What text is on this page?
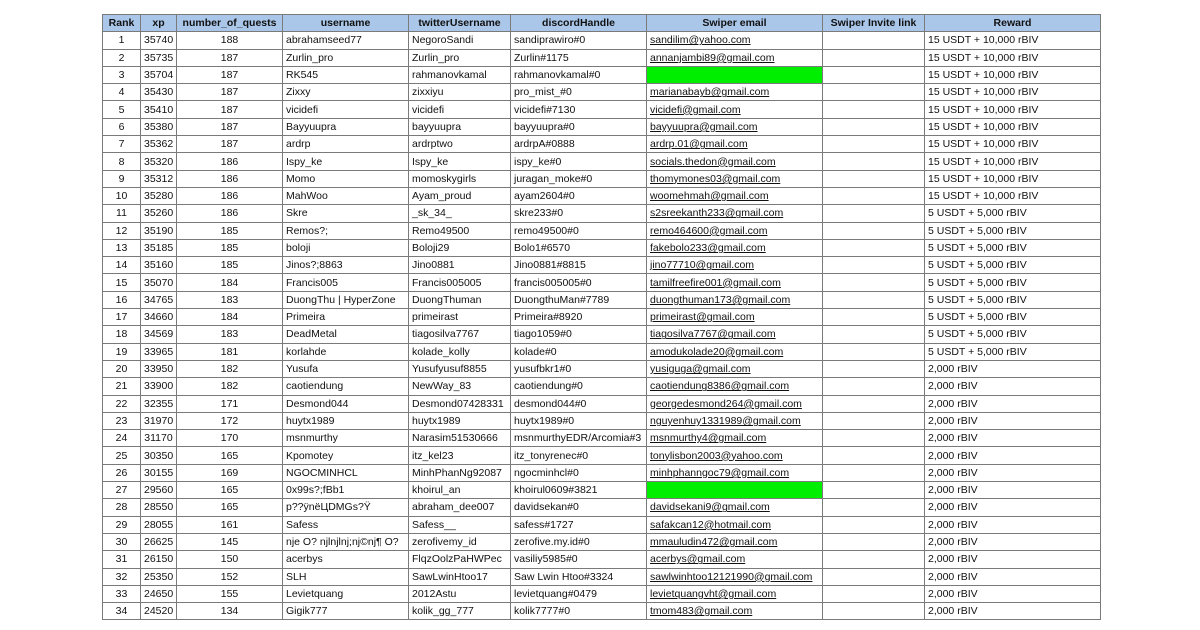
Rank	xp	number_of_quests	username	twitterUsername	discordHandle	Swiper email	Swiper Invite link	Reward
1	35740	188	abrahamseed77	NegoroSandi	sandiprawiro#0	sandilim@yahoo.com		15 USDT + 10,000 rBIV
2	35735	187	Zurlin_pro	Zurlin_pro	Zurlin#1175	annanjambi89@gmail.com		15 USDT + 10,000 rBIV
3	35704	187	RK545	rahmanovkamal	rahmanovkamal#0			15 USDT + 10,000 rBIV
4	35430	187	Zixxy	zixxiyu	pro_mist_#0	marianabayb@gmail.com		15 USDT + 10,000 rBIV
5	35410	187	vicidefi	vicidefi	vicidefi#7130	vicidefi@gmail.com		15 USDT + 10,000 rBIV
6	35380	187	Bayyuupra	bayyuupra	bayyuupra#0	bayyuupra@gmail.com		15 USDT + 10,000 rBIV
7	35362	187	ardrp	ardrptwo	ardrpA#0888	ardrp.01@gmail.com		15 USDT + 10,000 rBIV
8	35320	186	Ispy_ke	Ispy_ke	ispy_ke#0	socials.thedon@gmail.com		15 USDT + 10,000 rBIV
9	35312	186	Momo	momoskygirls	juragan_moke#0	thomymones03@gmail.com		15 USDT + 10,000 rBIV
10	35280	186	MahWoo	Ayam_proud	ayam2604#0	woomehmah@gmail.com		15 USDT + 10,000 rBIV
11	35260	186	Skre	_sk_34_	skre233#0	s2sreekanth233@gmail.com		5 USDT + 5,000 rBIV
12	35190	185	Remos?;	Remo49500	remo49500#0	remo464600@gmail.com		5 USDT + 5,000 rBIV
13	35185	185	boloji	Boloji29	Bolo1#6570	fakebolo233@gmail.com		5 USDT + 5,000 rBIV
14	35160	185	Jinos?;8863	Jino0881	Jino0881#8815	jino77710@gmail.com		5 USDT + 5,000 rBIV
15	35070	184	Francis005	Francis005005	francis005005#0	tamilfreefire001@gmail.com		5 USDT + 5,000 rBIV
16	34765	183	DuongThu | HyperZone	DuongThuman	DuongthuMan#7789	duongthuman173@gmail.com		5 USDT + 5,000 rBIV
17	34660	184	Primeira	primeirast	Primeira#8920	primeirast@gmail.com		5 USDT + 5,000 rBIV
18	34569	183	DeadMetal	tiagosilva7767	tiago1059#0	tiagosilva7767@gmail.com		5 USDT + 5,000 rBIV
19	33965	181	korlahde	kolade_kolly	kolade#0	amodukolade20@gmail.com		5 USDT + 5,000 rBIV
20	33950	182	Yusufa	Yusufyusuf8855	yusufbkr1#0	yusiguga@gmail.com		2,000 rBIV
21	33900	182	caotiendung	NewWay_83	caotiendung#0	caotiendung8386@gmail.com		2,000 rBIV
22	32355	171	Desmond044	Desmond07428331	desmond044#0	georgedesmond264@gmail.com		2,000 rBIV
23	31970	172	huytx1989	huytx1989	huytx1989#0	nguyenhuy1331989@gmail.com		2,000 rBIV
24	31170	170	msnmurthy	Narasim51530666	msnmurthyEDR/Arcomia#3	msnmurthy4@gmail.com		2,000 rBIV
25	30350	165	Kpomotey	itz_kel23	itz_tonyrenec#0	tonylisbon2003@yahoo.com		2,000 rBIV
26	30155	169	NGOCMINHCL	MinhPhanNg92087	ngocminhcl#0	minhphanngoc79@gmail.com		2,000 rBIV
27	29560	165	0x99s?;fBb1	khoirul_an	khoirul0609#3821			2,000 rBIV
28	28550	165	p??ÿnëЦDMGs?Ÿ	abraham_dee007	davidsekan#0	davidsekani9@gmail.com		2,000 rBIV
29	28055	161	Safess	Safess__	safess#1727	safakcan12@hotmail.com		2,000 rBIV
30	26625	145	nje O? njlnjlnj;nj©nj¶ O?	zerofivemy_id	zerofive.my.id#0	mmauludin472@gmail.com		2,000 rBIV
31	26150	150	acerbys	FlqzOolzPaHWPec	vasiliy5985#0	acerbys@gmail.com		2,000 rBIV
32	25350	152	SLH	SawLwinHtoo17	Saw Lwin Htoo#3324	sawlwinhtoo12121990@gmail.com		2,000 rBIV
33	24650	155	Levietquang	2012Astu	levietquang#0479	levietquangvht@gmail.com		2,000 rBIV
34	24520	134	Gigik777	kolik_gg_777	kolik7777#0	tmom483@gmail.com		2,000 rBIV
